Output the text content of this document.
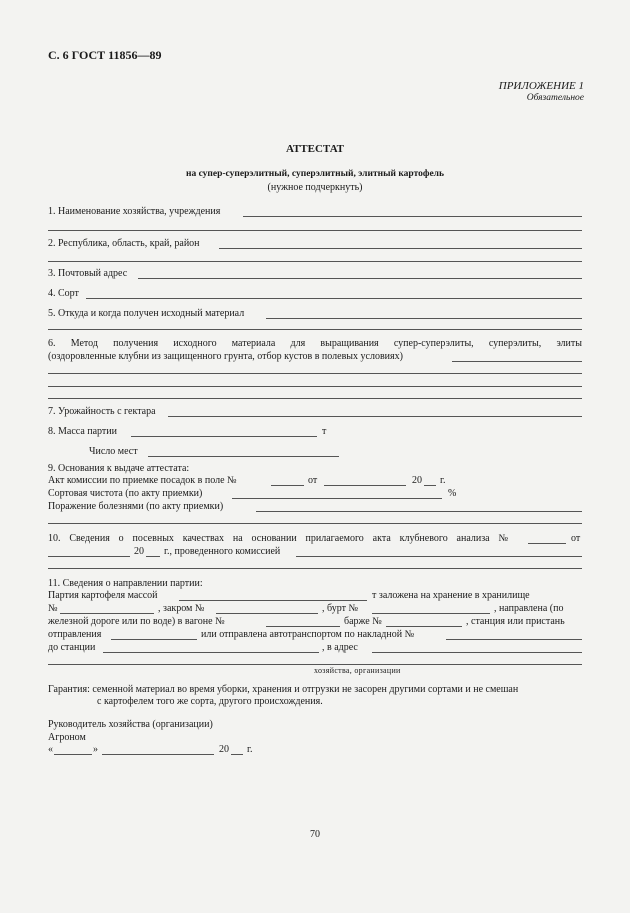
С. 6 ГОСТ 11856—89
ПРИЛОЖЕНИЕ 1
Обязательное
АТТЕСТАТ
на супер-суперэлитный, суперэлитный, элитный картофель
(нужное подчеркнуть)
1. Наименование хозяйства, учреждения
2. Республика, область, край, район
3. Почтовый адрес
4. Сорт
5. Откуда и когда получен исходный материал
6. Метод получения исходного материала для выращивания супер-суперэлиты, суперэлиты, элиты
(оздоровленные клубни из защищенного грунта, отбор кустов в полевых условиях)
7. Урожайность с гектара
8. Масса партии	т
Число мест
9. Основания к выдаче аттестата:
Акт комиссии по приемке посадок в поле №	от	20 г.
Сортовая чистота (по акту приемки)	%
Поражение болезнями (по акту приемки)
10. Сведения о посевных качествах на основании прилагаемого акта клубневого анализа №	от
20 г., проведенного комиссией
11. Сведения о направлении партии:
Партия картофеля массой	т заложена на хранение в хранилище
№	, закром №	, бурт №	, направлена (по
железной дороге или по воде) в вагоне №	барже №	, станция или пристань
отправления	или отправлена автотранспортом по накладной №
до станции	, в адрес
хозяйства, организации
Гарантия: семенной материал во время уборки, хранения и отгрузки не засорен другими сортами и не смешан
с картофелем того же сорта, другого происхождения.
Руководитель хозяйства (организации)
Агроном
«	»	20 г.
70
